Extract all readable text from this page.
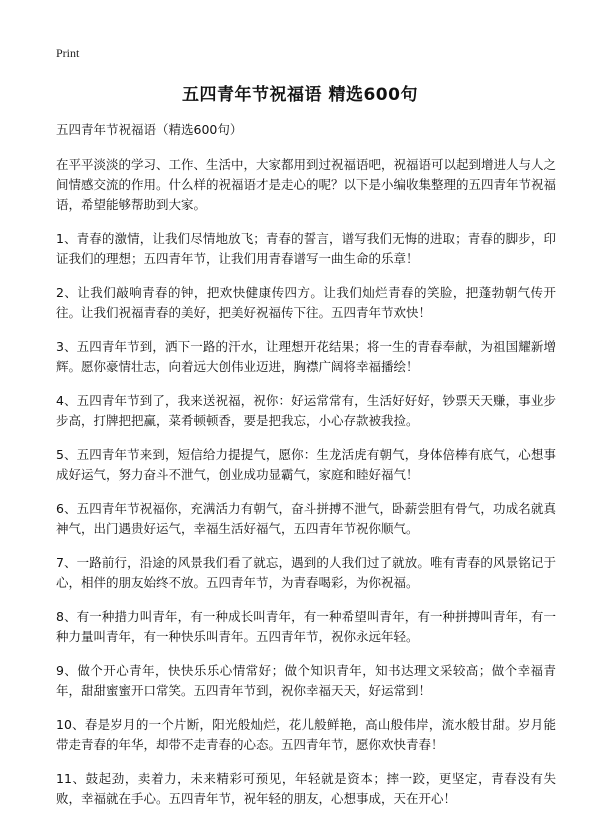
Print
五四青年节祝福语 精选600句
五四青年节祝福语（精选600句）
在平平淡淡的学习、工作、生活中，大家都用到过祝福语吧，祝福语可以起到增进人与人之间情感交流的作用。什么样的祝福语才是走心的呢？以下是小编收集整理的五四青年节祝福语，希望能够帮助到大家。
1、青春的激情，让我们尽情地放飞；青春的誓言，谱写我们无悔的进取；青春的脚步，印证我们的理想；五四青年节，让我们用青春谱写一曲生命的乐章！
2、让我们敲响青春的钟，把欢快健康传四方。让我们灿烂青春的笑脸，把蓬勃朝气传开往。让我们祝福青春的美好，把美好祝福传下往。五四青年节欢快！
3、五四青年节到，洒下一路的汗水，让理想开花结果；将一生的青春奉献，为祖国耀新增辉。愿你豪情壮志，向着远大创伟业迈进，胸襟广阔将幸福播绘！
4、五四青年节到了，我来送祝福，祝你：好运常常有，生活好好好，钞票天天赚，事业步步高，打牌把把赢，菜肴顿顿香，要是把我忘，小心存款被我捡。
5、五四青年节来到，短信给力提提气，愿你：生龙活虎有朝气，身体倍棒有底气，心想事成好运气，努力奋斗不泄气，创业成功显霸气，家庭和睦好福气！
6、五四青年节祝福你，充满活力有朝气，奋斗拼搏不泄气，卧薪尝胆有骨气，功成名就真神气，出门遇贵好运气，幸福生活好福气，五四青年节祝你顺气。
7、一路前行，沿途的风景我们看了就忘，遇到的人我们过了就放。唯有青春的风景铭记于心，相伴的朋友始终不放。五四青年节，为青春喝彩，为你祝福。
8、有一种措力叫青年，有一种成长叫青年，有一种希望叫青年，有一种拼搏叫青年，有一种力量叫青年，有一种快乐叫青年。五四青年节，祝你永远年轻。
9、做个开心青年，快快乐乐心情常好；做个知识青年，知书达理文采较高；做个幸福青年，甜甜蜜蜜开口常笑。五四青年节到，祝你幸福天天，好运常到！
10、春是岁月的一个片断，阳光般灿烂，花儿般鲜艳，高山般伟岸，流水般甘甜。岁月能带走青春的年华，却带不走青春的心态。五四青年节，愿你欢快青春！
11、鼓起劲，卖着力，未来精彩可预见，年轻就是资本；摔一跤，更坚定，青春没有失败，幸福就在手心。五四青年节，祝年轻的朋友，心想事成，天在开心！
